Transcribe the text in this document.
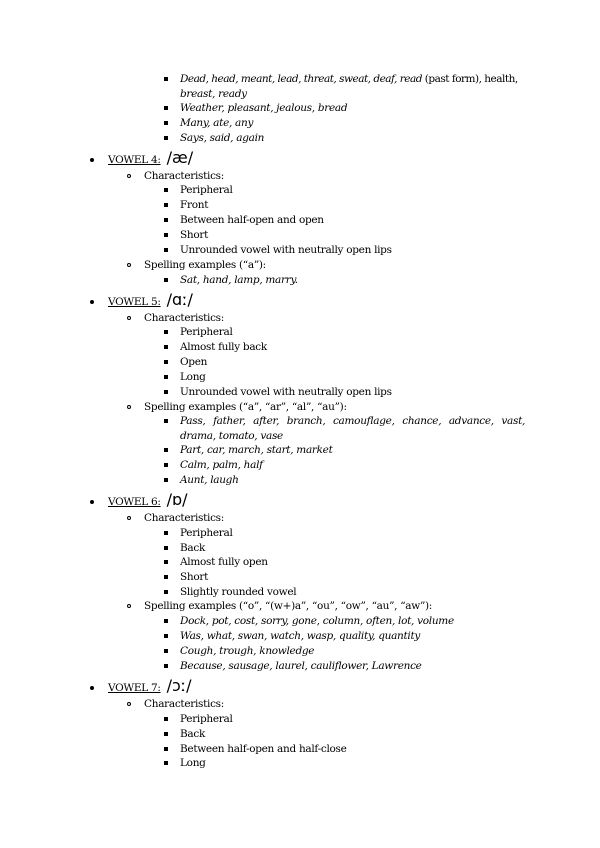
Dead, head, meant, lead, threat, sweat, deaf, read (past form), health,
breast, ready
Weather, pleasant, jealous, bread
Many, ate, any
Says, said, again
VOWEL 4: /æ/
Characteristics:
Peripheral
Front
Between half-open and open
Short
Unrounded vowel with neutrally open lips
Spelling examples (“a”):
Sat, hand, lamp, marry.
VOWEL 5: /ɑː/
Characteristics:
Peripheral
Almost fully back
Open
Long
Unrounded vowel with neutrally open lips
Spelling examples (“a”, “ar”, “al”, “au”):
Pass, father, after, branch, camouflage, chance, advance, vast,
drama, tomato, vase
Part, car, march, start, market
Calm, palm, half
Aunt, laugh
VOWEL 6: /ɒ/
Characteristics:
Peripheral
Back
Almost fully open
Short
Slightly rounded vowel
Spelling examples (“o”, “(w+)a”, “ou”, “ow”, “au”, “aw”):
Dock, pot, cost, sorry, gone, column, often, lot, volume
Was, what, swan, watch, wasp, quality, quantity
Cough, trough, knowledge
Because, sausage, laurel, cauliflower, Lawrence
VOWEL 7: /ɔː/
Characteristics:
Peripheral
Back
Between half-open and half-close
Long
